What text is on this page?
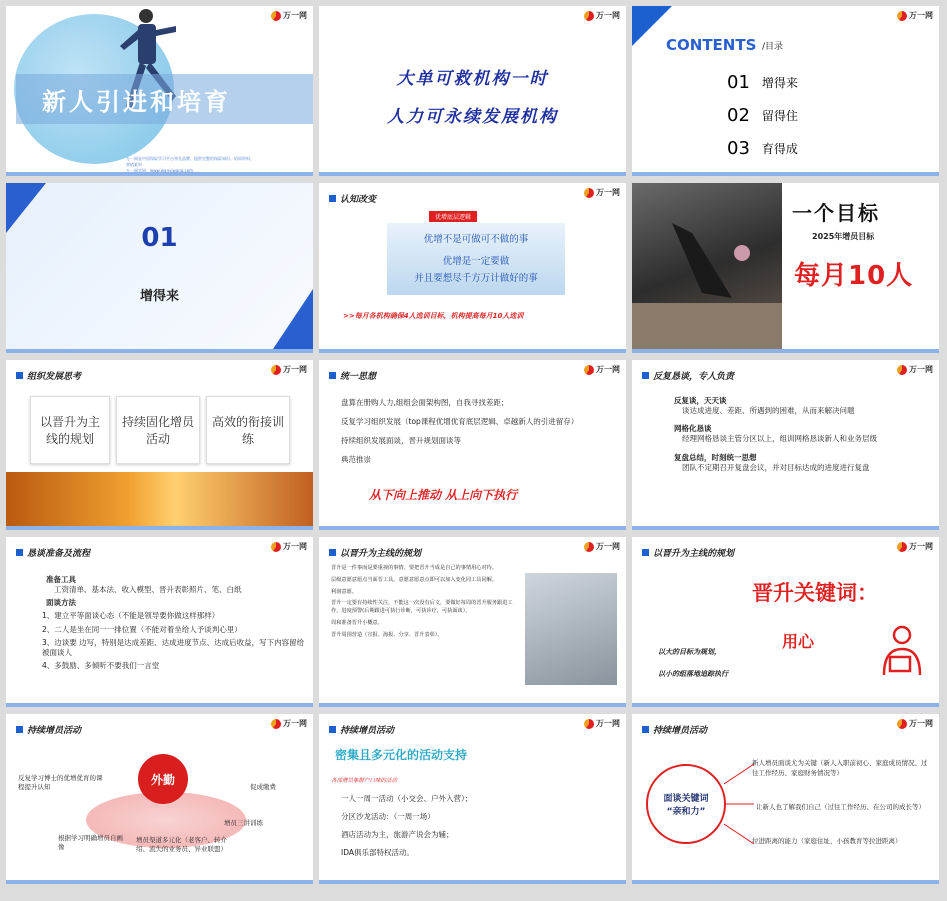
新人引进和培育
万一网是中国保险学习平台领先品牌，提供完整的保险知识、培训资料、营销素材
万一网官网：www.wanyiwang.com
万一网
大单可救机构一时
人力可永续发展机构
万一网
CONTENTS /目录
01 增得来
02 留得住
03 育得成
万一网
01
增得来
认知改变
万一网
优增底层逻辑
优增不是可做可不做的事
优增是一定要做
并且要想尽千方万计做好的事
>>每月各机构确保4人选训目标，机构提高每月10人选训
一个目标
2025年增员目标
每月10人
组织发展思考
万一网
以晋升为主线的规划
持续固化增员活动
高效的衔接训练
统一思想
万一网
盘算在册购人力,组组会面架构图，自我寻找差距；
反复学习组织发展（top课程优增优育底层逻辑、卓越新人的引进留存）
持续组织发展面谈，晋升规划面谈等
典范推崇
从下向上推动 从上向下执行
反复恳谈，专人负责
万一网
反复谈，天天谈
谈达成进度、差距、所遇到的困难，从而来解决问题
网格化恳谈
经理网格恳谈主管分区以上，组训网格恳谈新人和业务层级
复盘总结，时刻统一思想
团队不定期召开复盘会议，并对目标达成的进度进行复盘
恳谈准备及流程
万一网
准备工具
工资清单、基本法、收入模型、晋升表彰照片、笔、白纸
面谈方法
1、建立平等面谈心态（不能是领导要你做这样那样）
2、二人是坐在同一一排位置（不能对着坐给人予谈判心里）
3、边谈要 边写，特别是达成差距、达成进度节点、达成后收益，写下内容留给被面谈人
4、多鼓励、多倾听不要我们一言堂
以晋升为主线的规划
万一网
晋升是一件事而是要重视的事情，要把晋升当成是自己的事情用心对待。
层级意愿意愿点当面晋工具，意愿意愿意点即可以加入变化同工具同解。
利润意愿。
晋升一定要有持续性关注，不能这一次没有后文，要做好每周的晋升服务跟进工作，进度预警(后期跟进可执行诊断，可执诊疗，可执面谈）。
周和准备晋升小概意。
晋升周围营造（宣报、海报、分享、晋升表彰）。
以晋升为主线的规划
万一网
晋升关键词：
用心
以大的目标为规划，
以小的组落地追踪执行
持续增员活动
万一网
外勤
反复学习博士的优增优育的课程提升认知
根据学习明确增员自画像
增员渠道多元化（老客户、转介绍、流失的业务员、异业联盟）
促成缴费
增员三讲训练
持续增员活动
万一网
密集且多元化的活动支持
各部增员集群户口味的活动
一人一周一活动（小交会、户外入营）；
分区沙龙活动：（一周一场）
酒店活动为主，旅游产说会为辅；
IDA俱乐部特权活动。
持续增员活动
万一网
面谈关键词
“亲和力”
新人增员面谈尤为关键（新人入职前初心、家庭成员情况、过往工作经历、家庭财务情况等）
让新人也了解我们自己（过往工作经历、在公司的成长等）
拉进距离的能力（家庭住址，小孩教育等拉进距离）
